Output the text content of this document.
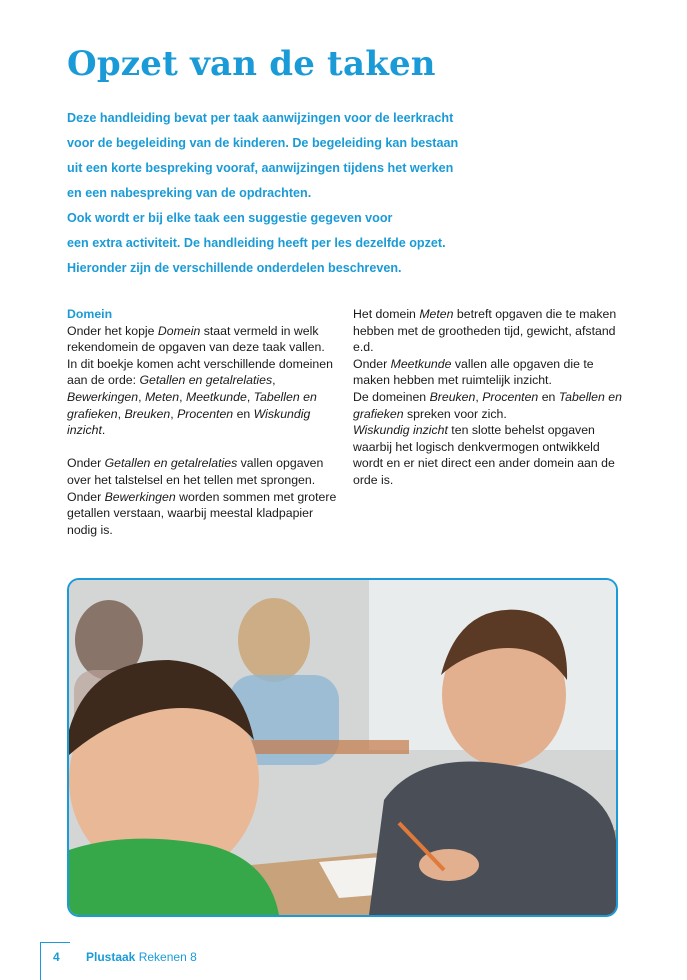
Opzet van de taken

Deze handleiding bevat per taak aanwijzingen voor de leerkracht

voor de begeleiding van de kinderen. De begeleiding kan bestaan

uit een korte bespreking vooraf, aanwijzingen tijdens het werken

en een nabespreking van de opdrachten.

Ook wordt er bij elke taak een suggestie gegeven voor

een extra activiteit. De handleiding heeft per les dezelfde opzet.

Hieronder zijn de verschillende onderdelen beschreven.

Domein

Onder het kopje Domein staat vermeld in welk rekendomein de opgaven van deze taak vallen. In dit boekje komen acht verschillende domeinen aan de orde: Getallen en getalrelaties, Bewerkingen, Meten, Meetkunde, Tabellen en grafieken, Breuken, Procenten en Wiskundig inzicht.

Onder Getallen en getalrelaties vallen opgaven over het talstelsel en het tellen met sprongen.

Onder Bewerkingen worden sommen met grotere getallen verstaan, waarbij meestal kladpapier nodig is.

Het domein Meten betreft opgaven die te maken hebben met de grootheden tijd, gewicht, afstand e.d.

Onder Meetkunde vallen alle opgaven die te maken hebben met ruimtelijk inzicht.

De domeinen Breuken, Procenten en Tabellen en grafieken spreken voor zich.

Wiskundig inzicht ten slotte behelst opgaven waarbij het logisch denkvermogen ontwikkeld wordt en er niet direct een ander domein aan de orde is.

4 Plustaak Rekenen 8
